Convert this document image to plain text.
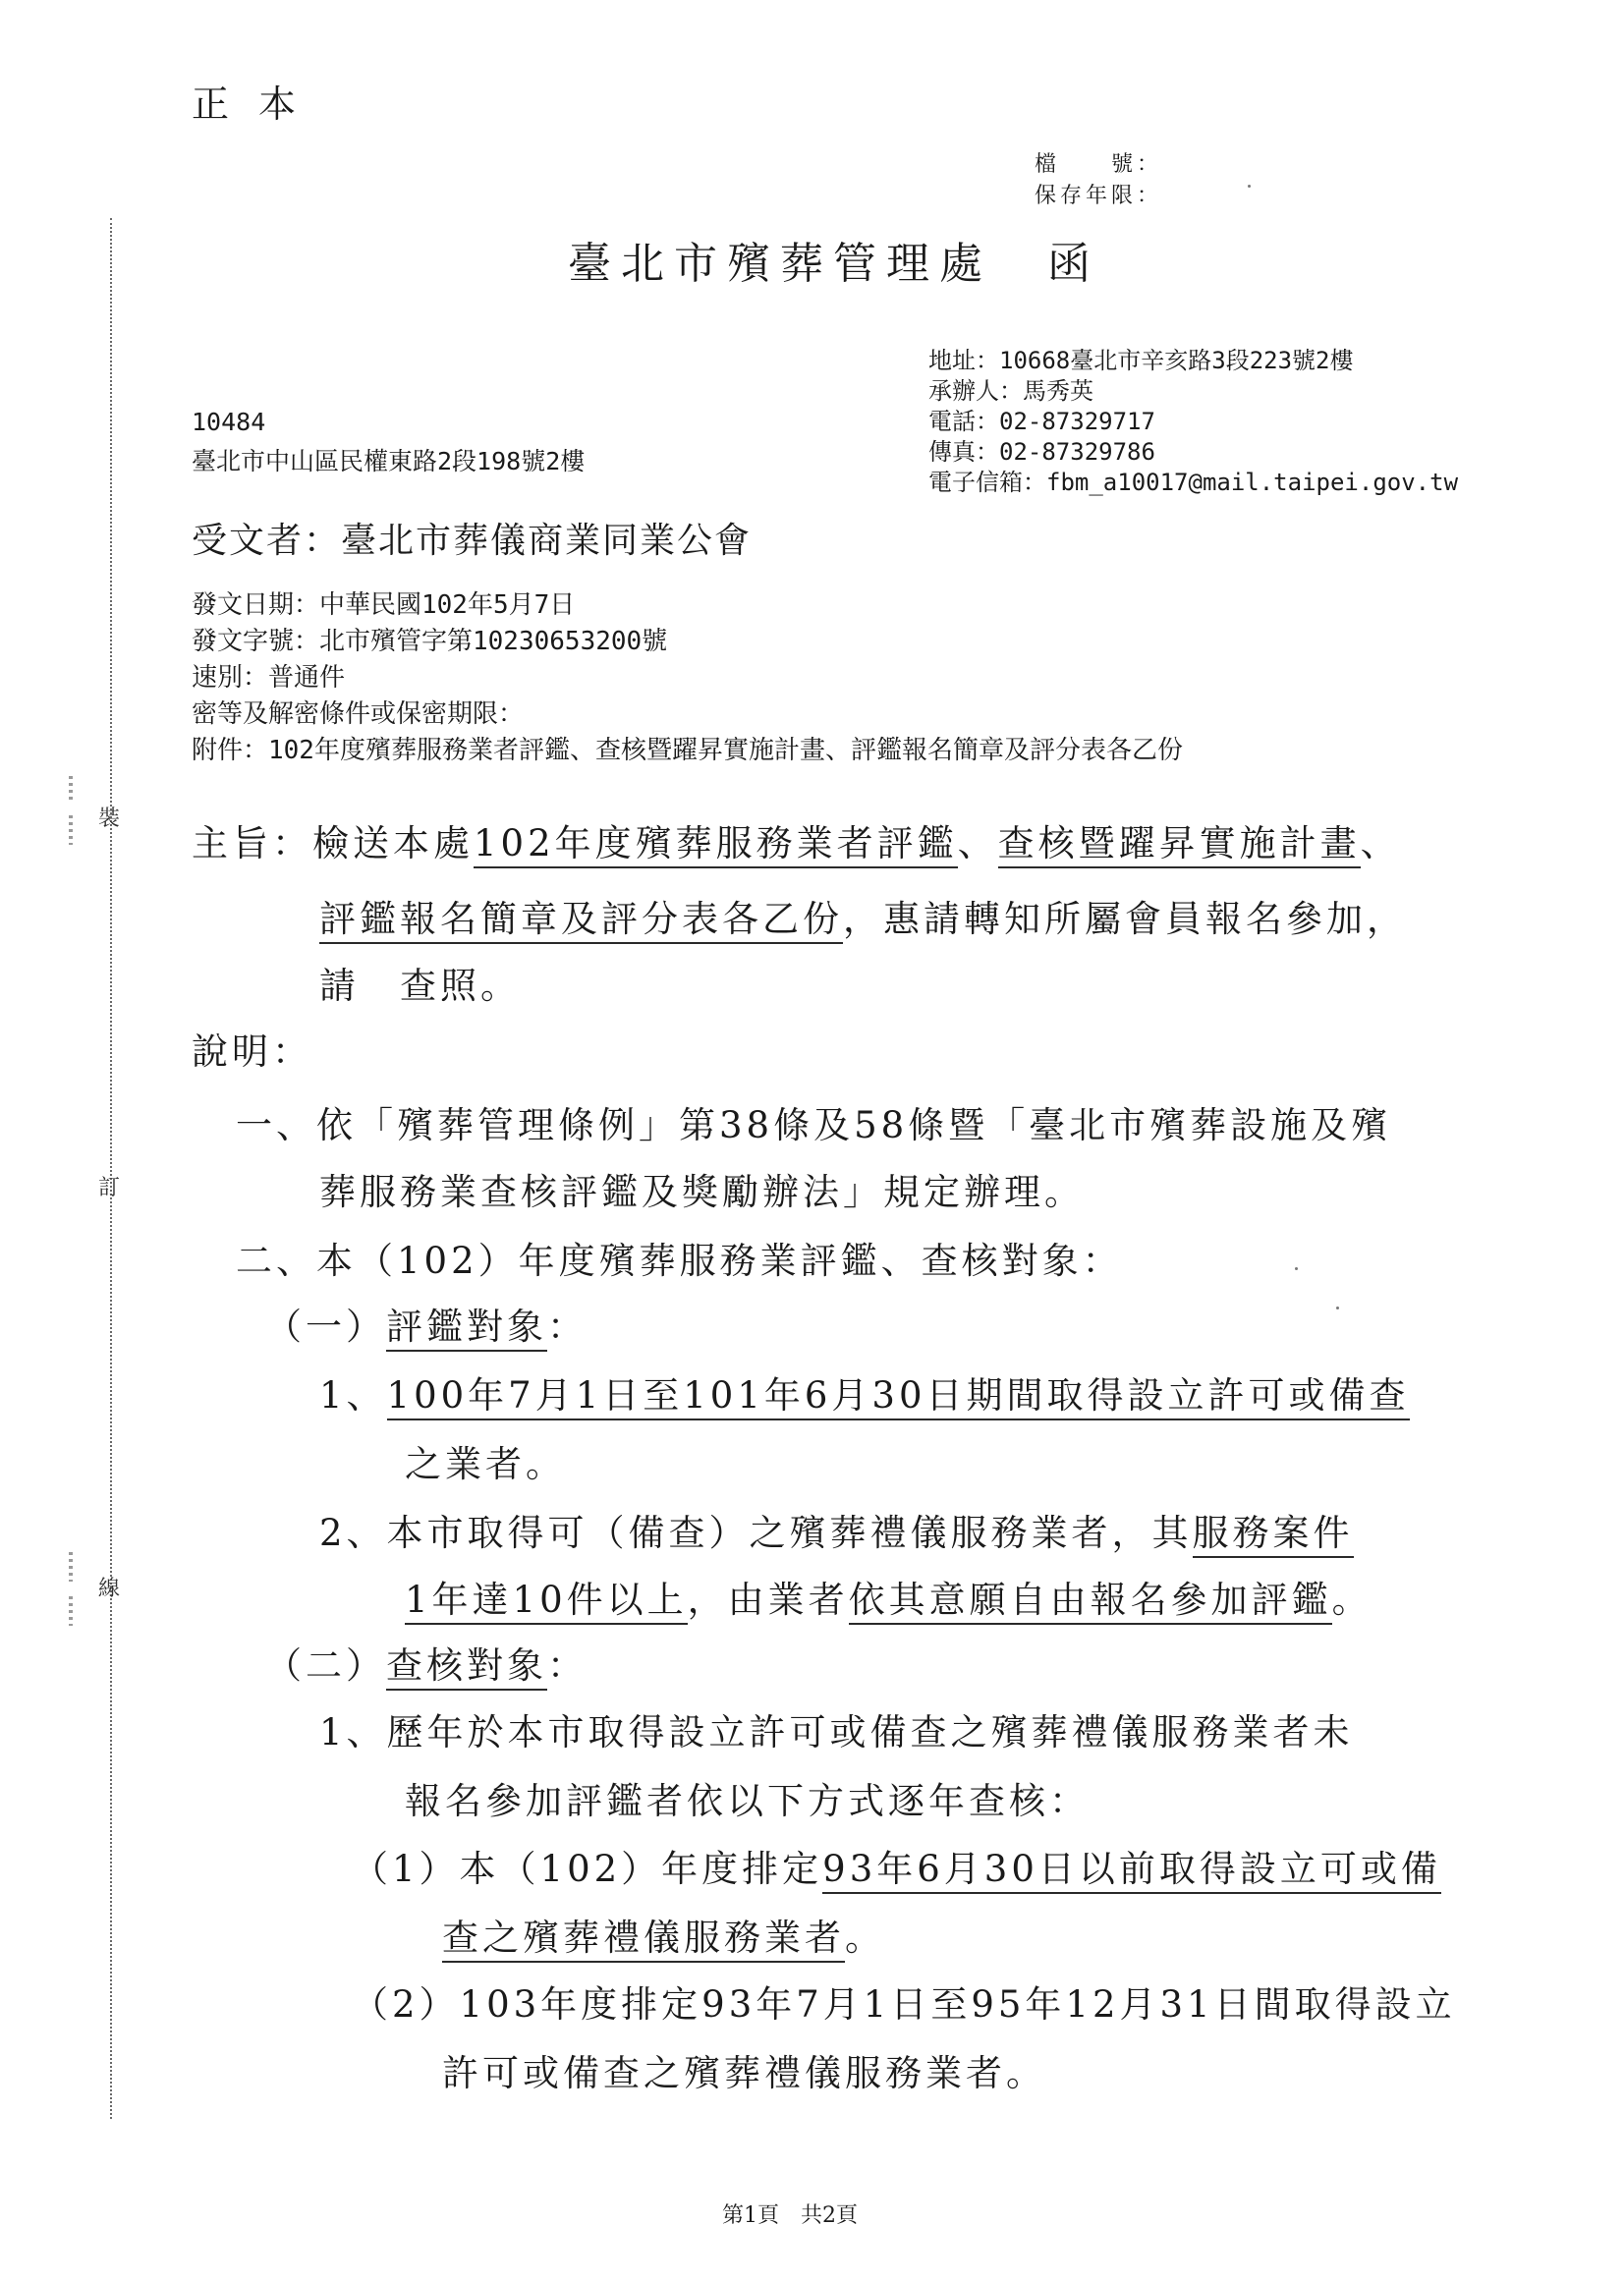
裝
訂
線
正本
檔　　號：
保存年限：
臺北市殯葬管理處 函
地址：10668臺北市辛亥路3段223號2樓
承辦人：馬秀英
電話：02-87329717
傳真：02-87329786
電子信箱：fbm_a10017@mail.taipei.gov.tw
10484
臺北市中山區民權東路2段198號2樓
受文者：臺北市葬儀商業同業公會
發文日期：中華民國102年5月7日
發文字號：北市殯管字第10230653200號
速別：普通件
密等及解密條件或保密期限：
附件：102年度殯葬服務業者評鑑、查核暨躍昇實施計畫、評鑑報名簡章及評分表各乙份
主旨：檢送本處102年度殯葬服務業者評鑑、查核暨躍昇實施計畫、
評鑑報名簡章及評分表各乙份，惠請轉知所屬會員報名參加，
請　查照。
說明：
一、依「殯葬管理條例」第38條及58條暨「臺北市殯葬設施及殯
葬服務業查核評鑑及獎勵辦法」規定辦理。
二、本（102）年度殯葬服務業評鑑、查核對象：
（一）評鑑對象：
1、100年7月1日至101年6月30日期間取得設立許可或備查
之業者。
2、本市取得可（備查）之殯葬禮儀服務業者，其服務案件
1年達10件以上，由業者依其意願自由報名參加評鑑。
（二）查核對象：
1、歷年於本市取得設立許可或備查之殯葬禮儀服務業者未
報名參加評鑑者依以下方式逐年查核：
（1）本（102）年度排定93年6月30日以前取得設立可或備
查之殯葬禮儀服務業者。
（2）103年度排定93年7月1日至95年12月31日間取得設立
許可或備查之殯葬禮儀服務業者。
第1頁　共2頁
